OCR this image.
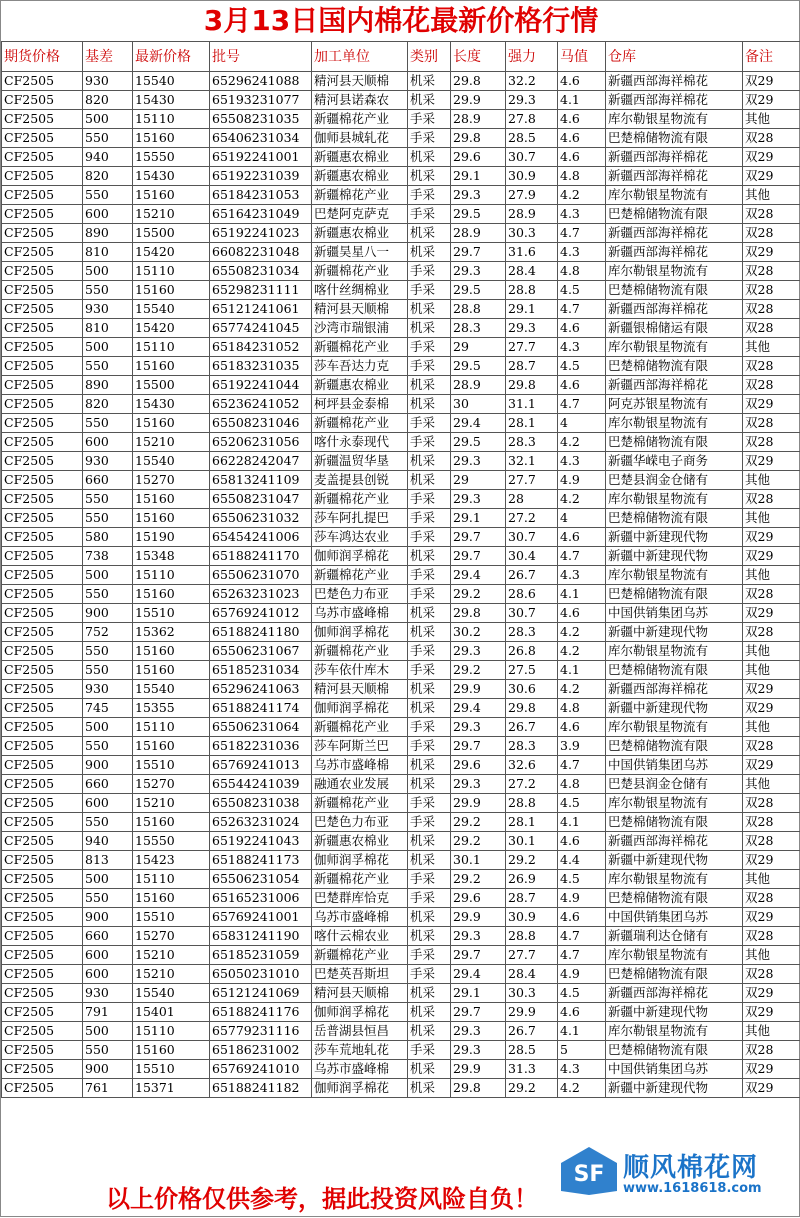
3月13日国内棉花最新价格行情
期货价格	基差	最新价格	批号	加工单位	类别	长度	强力	马值	仓库	备注
CF2505	930	15540	65296241088	精河县天顺棉	机采	29.8	32.2	4.6	新疆西部海祥棉花	双29
CF2505	820	15430	65193231077	精河县诺森农	机采	29.9	29.3	4.1	新疆西部海祥棉花	双29
CF2505	500	15110	65508231035	新疆棉花产业	手采	28.9	27.8	4.6	库尔勒银星物流有	其他
CF2505	550	15160	65406231034	伽师县城轧花	手采	29.8	28.5	4.6	巴楚棉储物流有限	双28
CF2505	940	15550	65192241001	新疆惠农棉业	机采	29.6	30.7	4.6	新疆西部海祥棉花	双29
CF2505	820	15430	65192231039	新疆惠农棉业	机采	29.1	30.9	4.8	新疆西部海祥棉花	双29
CF2505	550	15160	65184231053	新疆棉花产业	手采	29.3	27.9	4.2	库尔勒银星物流有	其他
CF2505	600	15210	65164231049	巴楚阿克萨克	手采	29.5	28.9	4.3	巴楚棉储物流有限	双28
CF2505	890	15500	65192241023	新疆惠农棉业	机采	28.9	30.3	4.7	新疆西部海祥棉花	双28
CF2505	810	15420	66082231048	新疆昊星八一	机采	29.7	31.6	4.3	新疆西部海祥棉花	双29
CF2505	500	15110	65508231034	新疆棉花产业	手采	29.3	28.4	4.8	库尔勒银星物流有	双28
CF2505	550	15160	65298231111	喀什丝绸棉业	手采	29.5	28.8	4.5	巴楚棉储物流有限	双28
CF2505	930	15540	65121241061	精河县天顺棉	机采	28.8	29.1	4.7	新疆西部海祥棉花	双28
CF2505	810	15420	65774241045	沙湾市瑞银浦	机采	28.3	29.3	4.6	新疆银棉储运有限	双28
CF2505	500	15110	65184231052	新疆棉花产业	手采	29	27.7	4.3	库尔勒银星物流有	其他
CF2505	550	15160	65183231035	莎车吾达力克	手采	29.5	28.7	4.5	巴楚棉储物流有限	双28
CF2505	890	15500	65192241044	新疆惠农棉业	机采	28.9	29.8	4.6	新疆西部海祥棉花	双28
CF2505	820	15430	65236241052	柯坪县金泰棉	机采	30	31.1	4.7	阿克苏银星物流有	双29
CF2505	550	15160	65508231046	新疆棉花产业	手采	29.4	28.1	4	库尔勒银星物流有	双28
CF2505	600	15210	65206231056	喀什永泰现代	手采	29.5	28.3	4.2	巴楚棉储物流有限	双28
CF2505	930	15540	66228242047	新疆温贸华垦	机采	29.3	32.1	4.3	新疆华嵘电子商务	双29
CF2505	660	15270	65813241109	麦盖提县创锐	机采	29	27.7	4.9	巴楚县润金仓储有	其他
CF2505	550	15160	65508231047	新疆棉花产业	手采	29.3	28	4.2	库尔勒银星物流有	双28
CF2505	550	15160	65506231032	莎车阿扎提巴	手采	29.1	27.2	4	巴楚棉储物流有限	其他
CF2505	580	15190	65454241006	莎车鸿达农业	手采	29.7	30.7	4.6	新疆中新建现代物	双29
CF2505	738	15348	65188241170	伽师润孚棉花	机采	29.7	30.4	4.7	新疆中新建现代物	双29
CF2505	500	15110	65506231070	新疆棉花产业	手采	29.4	26.7	4.3	库尔勒银星物流有	其他
CF2505	550	15160	65263231023	巴楚色力布亚	手采	29.2	28.6	4.1	巴楚棉储物流有限	双28
CF2505	900	15510	65769241012	乌苏市盛峰棉	机采	29.8	30.7	4.6	中国供销集团乌苏	双29
CF2505	752	15362	65188241180	伽师润孚棉花	机采	30.2	28.3	4.2	新疆中新建现代物	双28
CF2505	550	15160	65506231067	新疆棉花产业	手采	29.3	26.8	4.2	库尔勒银星物流有	其他
CF2505	550	15160	65185231034	莎车依什库木	手采	29.2	27.5	4.1	巴楚棉储物流有限	其他
CF2505	930	15540	65296241063	精河县天顺棉	机采	29.9	30.6	4.2	新疆西部海祥棉花	双29
CF2505	745	15355	65188241174	伽师润孚棉花	机采	29.4	29.8	4.8	新疆中新建现代物	双29
CF2505	500	15110	65506231064	新疆棉花产业	手采	29.3	26.7	4.6	库尔勒银星物流有	其他
CF2505	550	15160	65182231036	莎车阿斯兰巴	手采	29.7	28.3	3.9	巴楚棉储物流有限	双28
CF2505	900	15510	65769241013	乌苏市盛峰棉	机采	29.6	32.6	4.7	中国供销集团乌苏	双29
CF2505	660	15270	65544241039	融通农业发展	机采	29.3	27.2	4.8	巴楚县润金仓储有	其他
CF2505	600	15210	65508231038	新疆棉花产业	手采	29.9	28.8	4.5	库尔勒银星物流有	双28
CF2505	550	15160	65263231024	巴楚色力布亚	手采	29.2	28.1	4.1	巴楚棉储物流有限	双28
CF2505	940	15550	65192241043	新疆惠农棉业	机采	29.2	30.1	4.6	新疆西部海祥棉花	双28
CF2505	813	15423	65188241173	伽师润孚棉花	机采	30.1	29.2	4.4	新疆中新建现代物	双29
CF2505	500	15110	65506231054	新疆棉花产业	手采	29.2	26.9	4.5	库尔勒银星物流有	其他
CF2505	550	15160	65165231006	巴楚群库恰克	手采	29.6	28.7	4.9	巴楚棉储物流有限	双28
CF2505	900	15510	65769241001	乌苏市盛峰棉	机采	29.9	30.9	4.6	中国供销集团乌苏	双29
CF2505	660	15270	65831241190	喀什云棉农业	机采	29.3	28.8	4.7	新疆瑞利达仓储有	双28
CF2505	600	15210	65185231059	新疆棉花产业	手采	29.7	27.7	4.7	库尔勒银星物流有	其他
CF2505	600	15210	65050231010	巴楚英吾斯坦	手采	29.4	28.4	4.9	巴楚棉储物流有限	双28
CF2505	930	15540	65121241069	精河县天顺棉	机采	29.1	30.3	4.5	新疆西部海祥棉花	双29
CF2505	791	15401	65188241176	伽师润孚棉花	机采	29.7	29.9	4.6	新疆中新建现代物	双29
CF2505	500	15110	65779231116	岳普湖县恒昌	机采	29.3	26.7	4.1	库尔勒银星物流有	其他
CF2505	550	15160	65186231002	莎车荒地轧花	手采	29.3	28.5	5	巴楚棉储物流有限	双28
CF2505	900	15510	65769241010	乌苏市盛峰棉	机采	29.9	31.3	4.3	中国供销集团乌苏	双29
CF2505	761	15371	65188241182	伽师润孚棉花	机采	29.8	29.2	4.2	新疆中新建现代物	双29
以上价格仅供参考，据此投资风险自负！
SF 顺风棉花网
www.1618618.com
